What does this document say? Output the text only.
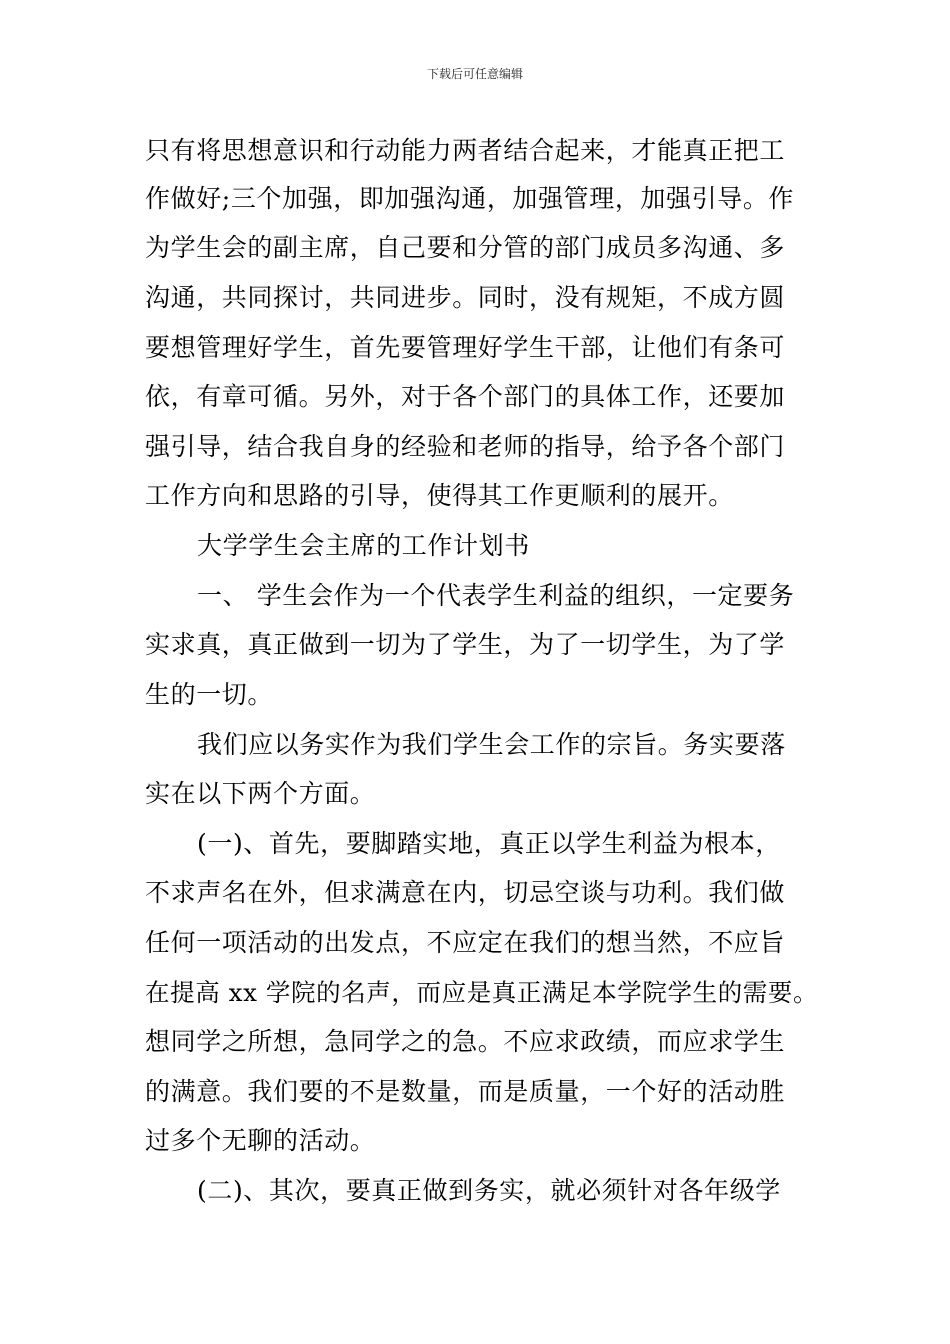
下载后可任意编辑
只有将思想意识和行动能力两者结合起来，才能真正把工
作做好;三个加强，即加强沟通，加强管理，加强引导。作
为学生会的副主席，自己要和分管的部门成员多沟通、多
沟通，共同探讨，共同进步。同时，没有规矩，不成方圆
要想管理好学生，首先要管理好学生干部，让他们有条可
依，有章可循。另外，对于各个部门的具体工作，还要加
强引导，结合我自身的经验和老师的指导，给予各个部门
工作方向和思路的引导，使得其工作更顺利的展开。
大学学生会主席的工作计划书
一、 学生会作为一个代表学生利益的组织，一定要务
实求真，真正做到一切为了学生，为了一切学生，为了学
生的一切。
我们应以务实作为我们学生会工作的宗旨。务实要落
实在以下两个方面。
(一)、首先，要脚踏实地，真正以学生利益为根本，
不求声名在外，但求满意在内，切忌空谈与功利。我们做
任何一项活动的出发点，不应定在我们的想当然，不应旨
在提高 xx 学院的名声，而应是真正满足本学院学生的需要。
想同学之所想，急同学之的急。不应求政绩，而应求学生
的满意。我们要的不是数量，而是质量，一个好的活动胜
过多个无聊的活动。
(二)、其次，要真正做到务实，就必须针对各年级学
